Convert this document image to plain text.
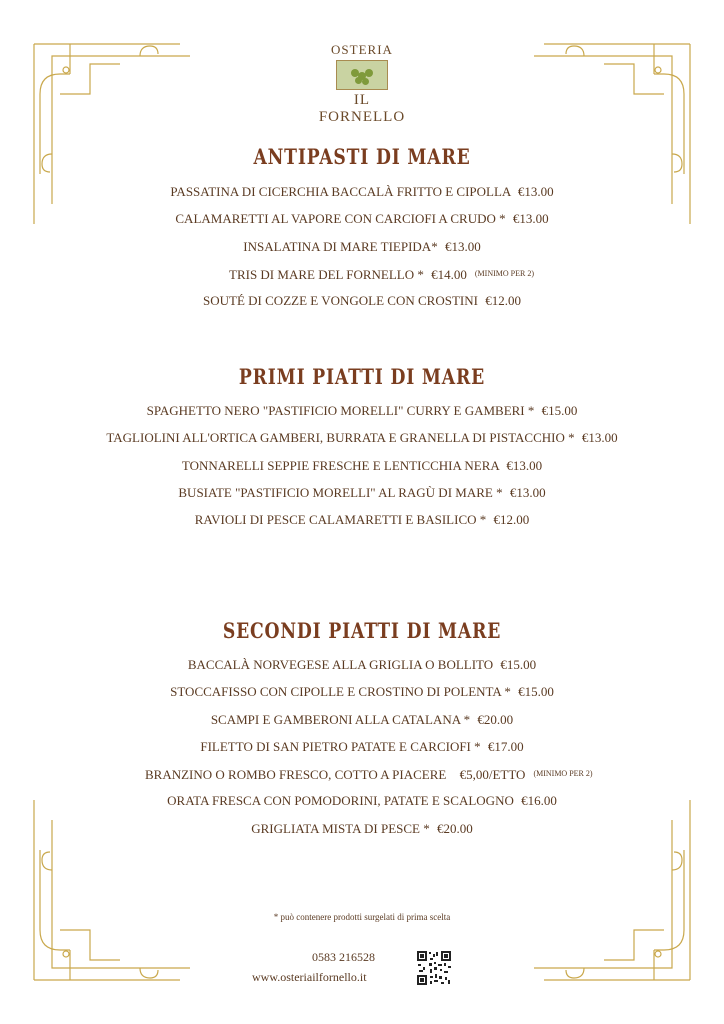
OSTERIA
IL FORNELLO
ANTIPASTI DI MARE
PASSATINA DI CICERCHIA BACCALÀ FRITTO E CIPOLLA €13.00
CALAMARETTI AL VAPORE CON CARCIOFI A CRUDO * €13.00
INSALATINA DI MARE TIEPIDA* €13.00
TRIS DI MARE DEL FORNELLO * €14.00 $^{(MINIMO PER 2)}$
SOUTÉ DI COZZE E VONGOLE CON CROSTINI €12.00
PRIMI PIATTI DI MARE
SPAGHETTO NERO "PASTIFICIO MORELLI" CURRY E GAMBERI * €15.00
TAGLIOLINI ALL'ORTICA GAMBERI, BURRATA E GRANELLA DI PISTACCHIO * €13.00
TONNARELLI SEPPIE FRESCHE E LENTICCHIA NERA €13.00
BUSIATE "PASTIFICIO MORELLI" AL RAGÙ DI MARE * €13.00
RAVIOLI DI PESCE CALAMARETTI E BASILICO * €12.00
SECONDI PIATTI DI MARE
BACCALÀ NORVEGESE ALLA GRIGLIA O BOLLITO €15.00
STOCCAFISSO CON CIPOLLE E CROSTINO DI POLENTA * €15.00
SCAMPI E GAMBERONI ALLA CATALANA * €20.00
FILETTO DI SAN PIETRO PATATE E CARCIOFI * €17.00
BRANZINO O ROMBO FRESCO, COTTO A PIACERE €5,00/ETTO $^{(MINIMO PER 2)}$
ORATA FRESCA CON POMODORINI, PATATE E SCALOGNO €16.00
GRIGLIATA MISTA DI PESCE * €20.00
* può contenere prodotti surgelati di prima scelta
0583 216528
www.osteriailfornello.it
